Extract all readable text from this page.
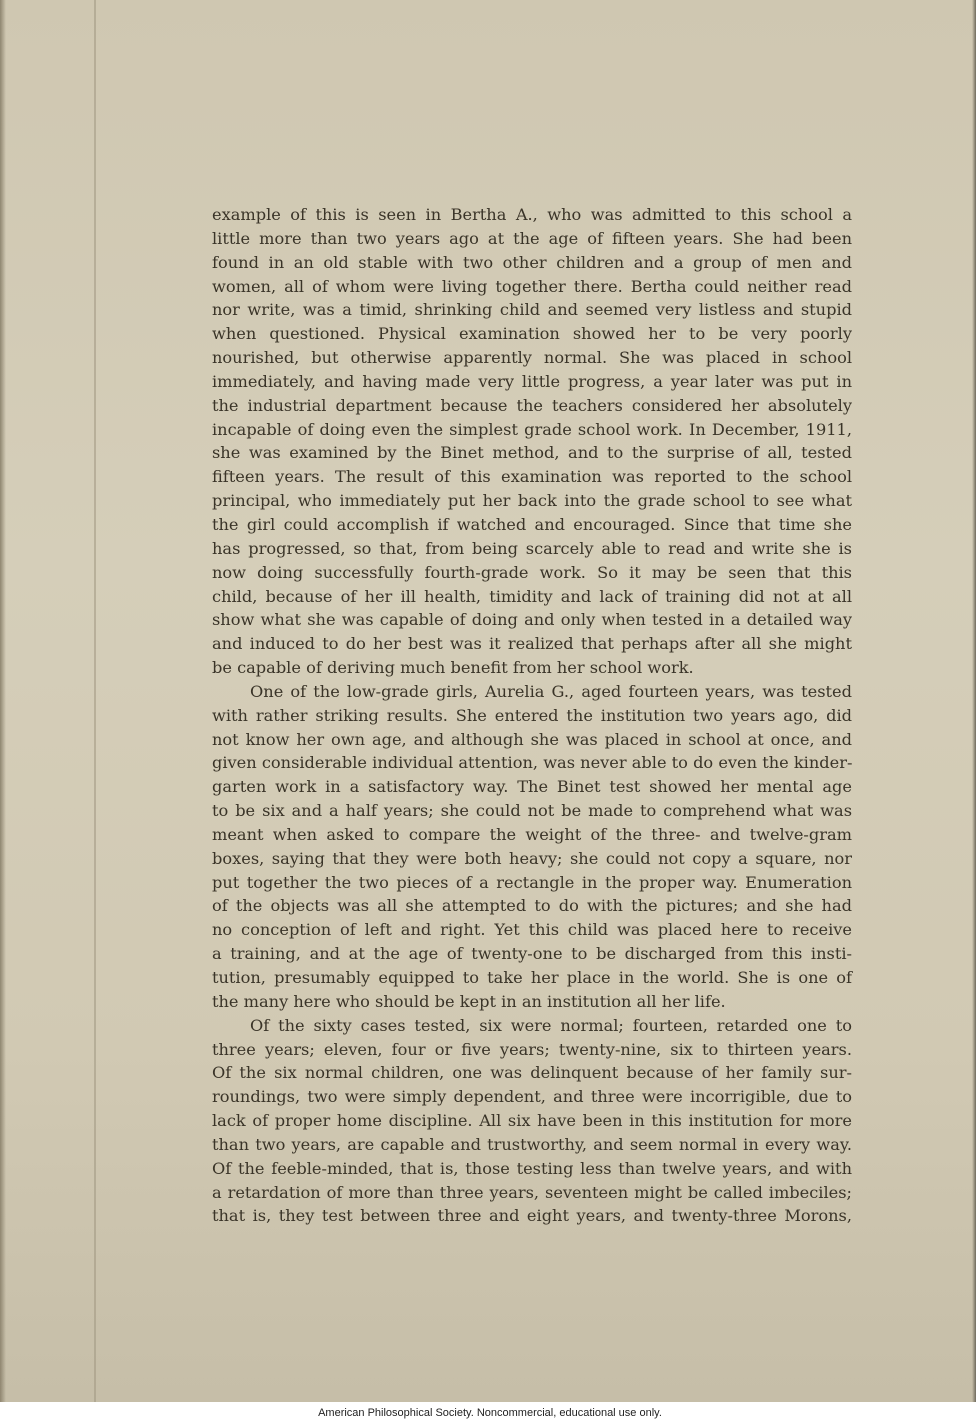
example of this is seen in Bertha A., who was admitted to this school a
little more than two years ago at the age of fifteen years. She had been
found in an old stable with two other children and a group of men and
women, all of whom were living together there. Bertha could neither read
nor write, was a timid, shrinking child and seemed very listless and stupid
when questioned. Physical examination showed her to be very poorly
nourished, but otherwise apparently normal. She was placed in school
immediately, and having made very little progress, a year later was put in
the industrial department because the teachers considered her absolutely
incapable of doing even the simplest grade school work. In December, 1911,
she was examined by the Binet method, and to the surprise of all, tested
fifteen years. The result of this examination was reported to the school
principal, who immediately put her back into the grade school to see what
the girl could accomplish if watched and encouraged. Since that time she
has progressed, so that, from being scarcely able to read and write she is
now doing successfully fourth-grade work. So it may be seen that this
child, because of her ill health, timidity and lack of training did not at all
show what she was capable of doing and only when tested in a detailed way
and induced to do her best was it realized that perhaps after all she might
be capable of deriving much benefit from her school work.
One of the low-grade girls, Aurelia G., aged fourteen years, was tested
with rather striking results. She entered the institution two years ago, did
not know her own age, and although she was placed in school at once, and
given considerable individual attention, was never able to do even the kinder-
garten work in a satisfactory way. The Binet test showed her mental age
to be six and a half years; she could not be made to comprehend what was
meant when asked to compare the weight of the three- and twelve-gram
boxes, saying that they were both heavy; she could not copy a square, nor
put together the two pieces of a rectangle in the proper way. Enumeration
of the objects was all she attempted to do with the pictures; and she had
no conception of left and right. Yet this child was placed here to receive
a training, and at the age of twenty-one to be discharged from this insti-
tution, presumably equipped to take her place in the world. She is one of
the many here who should be kept in an institution all her life.
Of the sixty cases tested, six were normal; fourteen, retarded one to
three years; eleven, four or five years; twenty-nine, six to thirteen years.
Of the six normal children, one was delinquent because of her family sur-
roundings, two were simply dependent, and three were incorrigible, due to
lack of proper home discipline. All six have been in this institution for more
than two years, are capable and trustworthy, and seem normal in every way.
Of the feeble-minded, that is, those testing less than twelve years, and with
a retardation of more than three years, seventeen might be called imbeciles;
that is, they test between three and eight years, and twenty-three Morons,
American Philosophical Society. Noncommercial, educational use only.
